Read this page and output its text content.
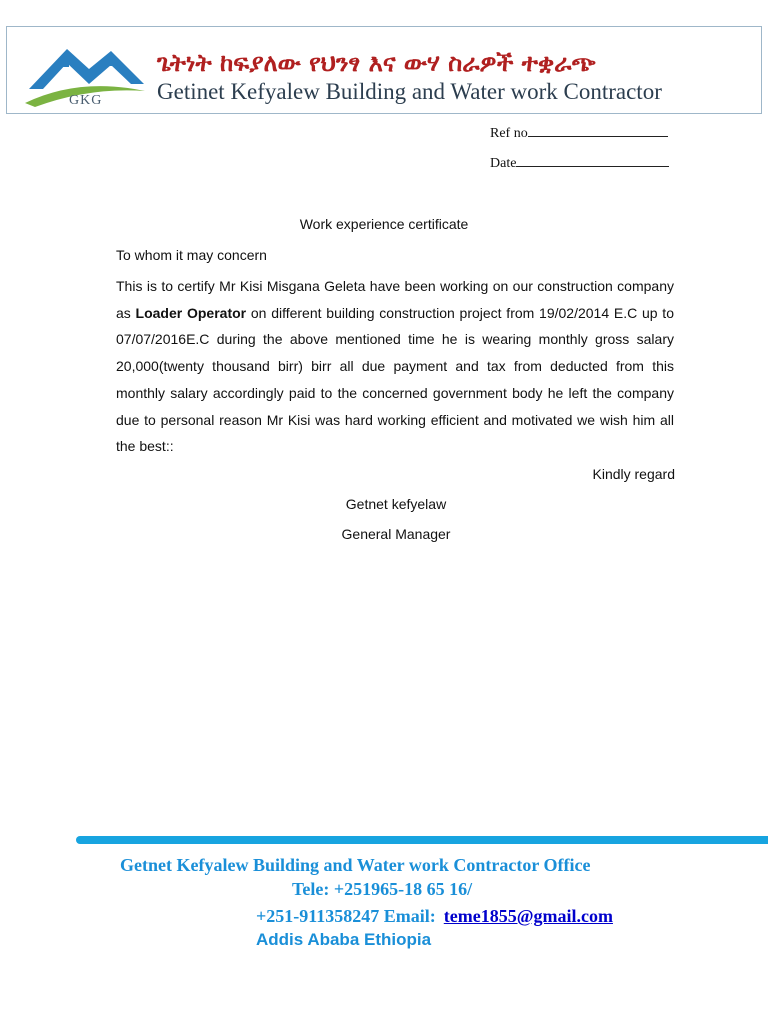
GKG
ጌትነት ከፍያለው የህንፃ እና ውሃ ስራዎች ተቋራጭ
Getinet Kefyalew Building and Water work Contractor
Ref no
Date
Work experience certificate
To whom it may concern
This is to certify Mr Kisi Misgana Geleta have been working on our construction company as Loader Operator on different building construction project from 19/02/2014 E.C up to 07/07/2016E.C during the above mentioned time he is wearing monthly gross salary 20,000(twenty thousand birr) birr all due payment and tax from deducted from this monthly salary accordingly paid to the concerned government body he left the company due to personal reason Mr Kisi was hard working efficient and motivated we wish him all the best::
Kindly regard
Getnet kefyelaw
General Manager
Getnet Kefyalew Building and Water work Contractor Office
Tele: +251965-18 65 16/
+251-911358247 Email: teme1855@gmail.com
Addis Ababa Ethiopia
